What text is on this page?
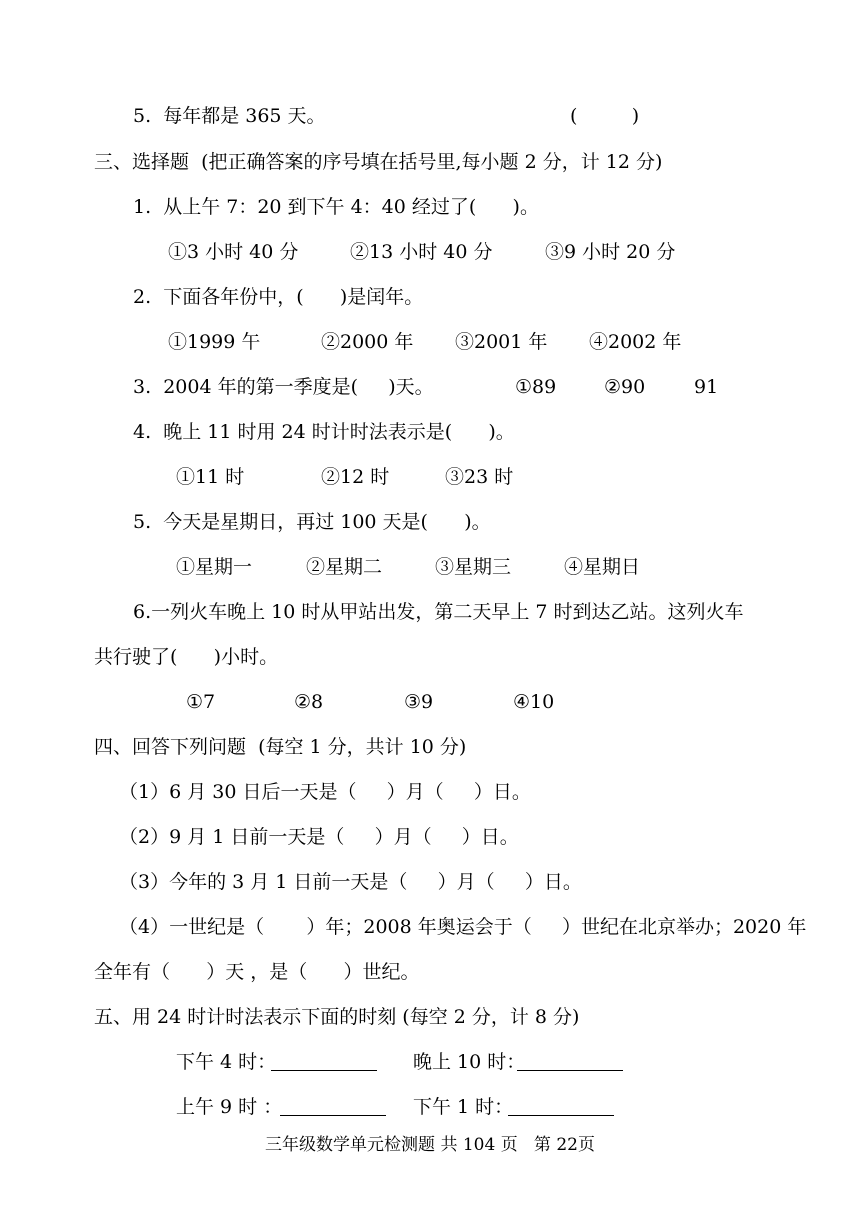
5.  每年都是 365 天。	(         )
三、选择题  (把正确答案的序号填在括号里,每小题 2 分，计 12 分)
1.  从上午 7：20 到下午 4：40 经过了(      )。
①3 小时 40 分	②13 小时 40 分	③9 小时 20 分
2.  下面各年份中，(      )是闰年。
①1999 午	②2000 年 ③2001 年 ④2002 年
3.  2004 年的第一季度是(     )天。	①89	②90	91
4.  晚上 11 时用 24 时计时法表示是(      )。
①11 时	②12 时	③23 时
5.  今天是星期日，再过 100 天是(      )。
①星期一	②星期二	③星期三	④星期日
6.一列火车晚上 10 时从甲站出发，第二天早上 7 时到达乙站。这列火车
共行驶了(      )小时。
①7	②8	③9	④10
四、回答下列问题  (每空 1 分，共计 10 分)
（1）6 月 30 日后一天是（     ）月（     ）日。
（2）9 月 1 日前一天是（     ）月（     ）日。
（3）今年的 3 月 1 日前一天是（     ）月（     ）日。
（4）一世纪是（       ）年；2008 年奥运会于（     ）世纪在北京举办；2020 年
全年有（      ）天 ，是（      ）世纪。
五、用 24 时计时法表示下面的时刻 (每空 2 分，计 8 分)
下午 4 时：	晚上 10 时：
上午 9 时 ：	下午 1 时：
三年级数学单元检测题 共 104 页   第 22页
